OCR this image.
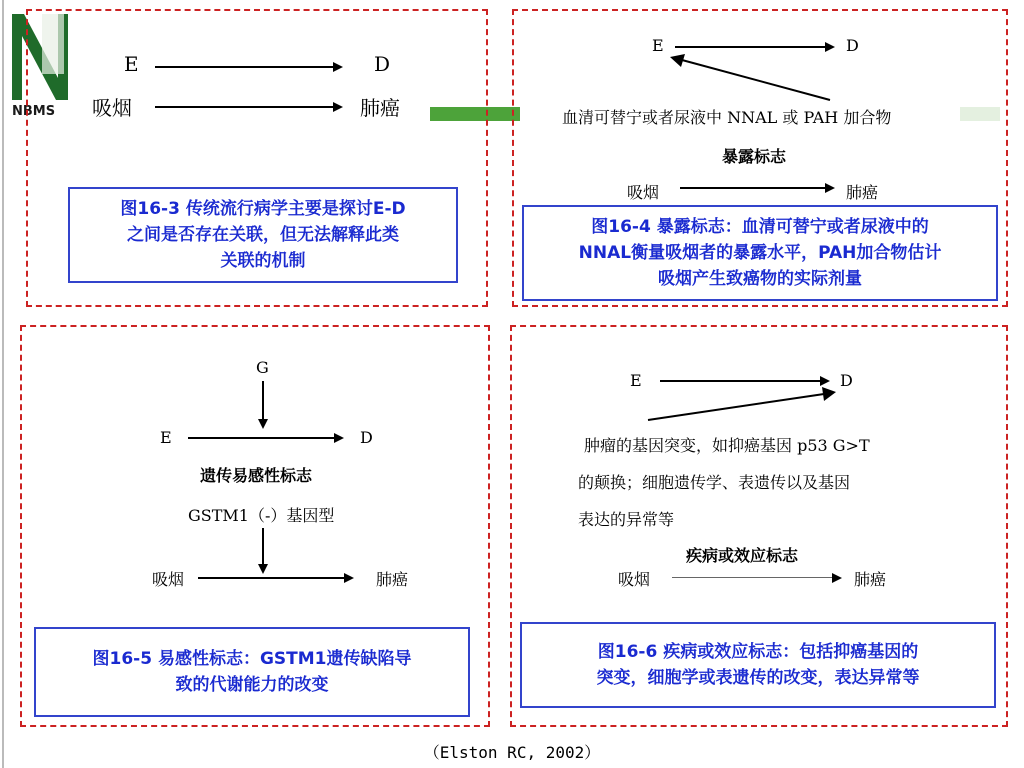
NBMS
E	D
吸烟	肺癌
图16-3 传统流行病学主要是探讨E-D
之间是否存在关联，但无法解释此类
关联的机制
E	D
血清可替宁或者尿液中 NNAL 或 PAH 加合物
暴露标志
吸烟	肺癌
图16-4 暴露标志：血清可替宁或者尿液中的
NNAL衡量吸烟者的暴露水平，PAH加合物估计
吸烟产生致癌物的实际剂量
G
E	D
遗传易感性标志
GSTM1（-）基因型
吸烟	肺癌
图16-5 易感性标志：GSTM1遗传缺陷导
致的代谢能力的改变
E	D
肿瘤的基因突变，如抑癌基因 p53 G>T
的颠换；细胞遗传学、表遗传以及基因
表达的异常等
疾病或效应标志
吸烟	肺癌
图16-6 疾病或效应标志：包括抑癌基因的
突变，细胞学或表遗传的改变，表达异常等
（Elston RC, 2002）
